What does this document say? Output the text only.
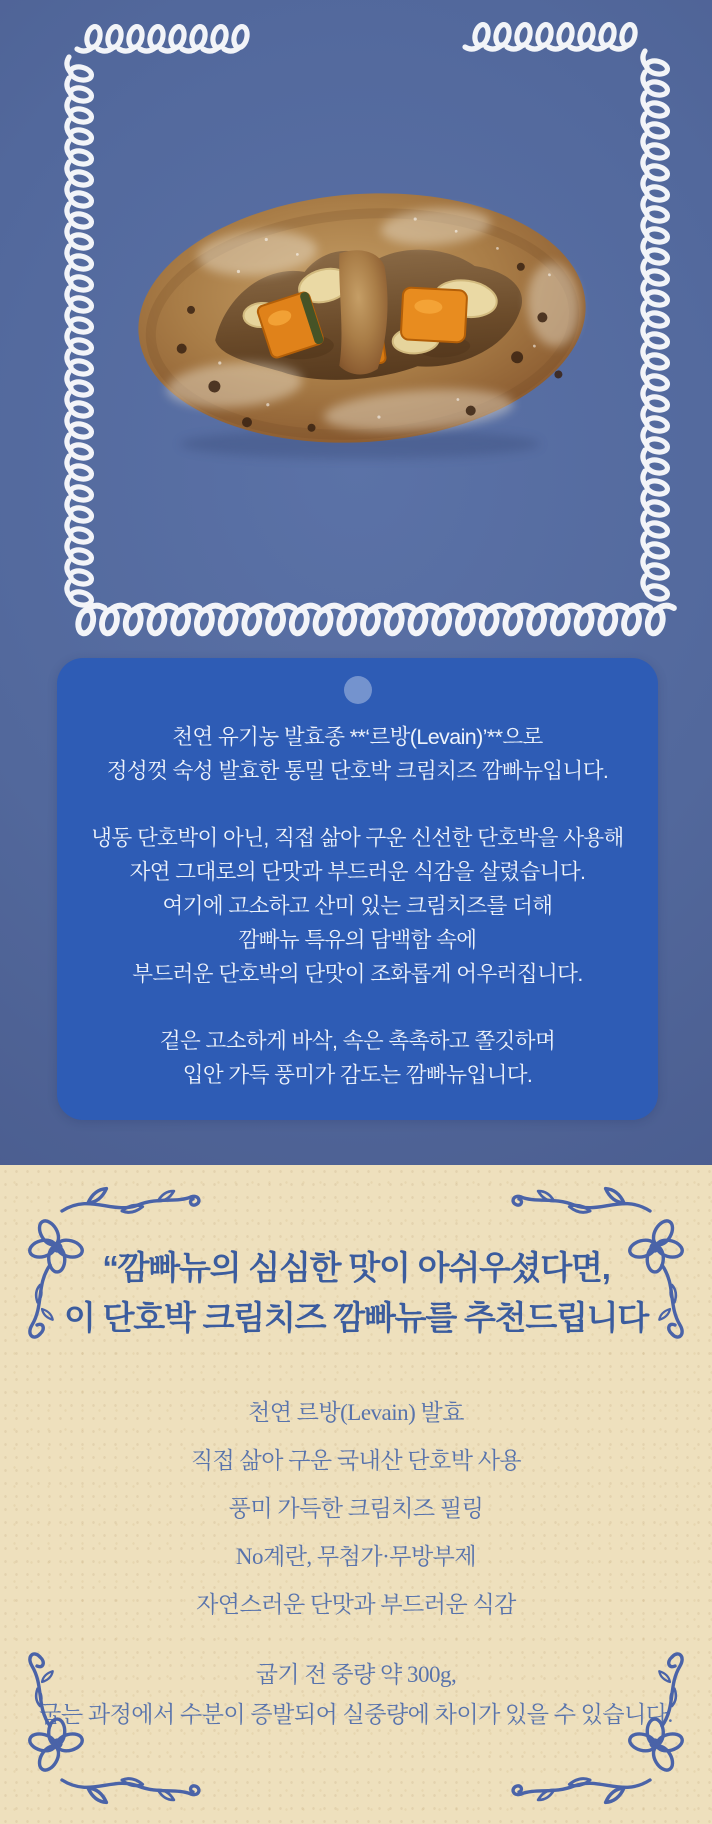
천연 유기농 발효종 **‘르방(Levain)’**으로
정성껏 숙성 발효한 통밀 단호박 크림치즈 깜빠뉴입니다.

냉동 단호박이 아닌, 직접 삶아 구운 신선한 단호박을 사용해
자연 그대로의 단맛과 부드러운 식감을 살렸습니다.
여기에 고소하고 산미 있는 크림치즈를 더해
깜빠뉴 특유의 담백함 속에
부드러운 단호박의 단맛이 조화롭게 어우러집니다.

겉은 고소하게 바삭, 속은 촉촉하고 쫄깃하며
입안 가득 풍미가 감도는 깜빠뉴입니다.

“깜빠뉴의 심심한 맛이 아쉬우셨다면,
이 단호박 크림치즈 깜빠뉴를 추천드립니다
천연 르방(Levain) 발효
직접 삶아 구운 국내산 단호박 사용
풍미 가득한 크림치즈 필링
No계란, 무첨가·무방부제
자연스러운 단맛과 부드러운 식감
굽기 전 중량 약 300g,
굽는 과정에서 수분이 증발되어 실중량에 차이가 있을 수 있습니다.
